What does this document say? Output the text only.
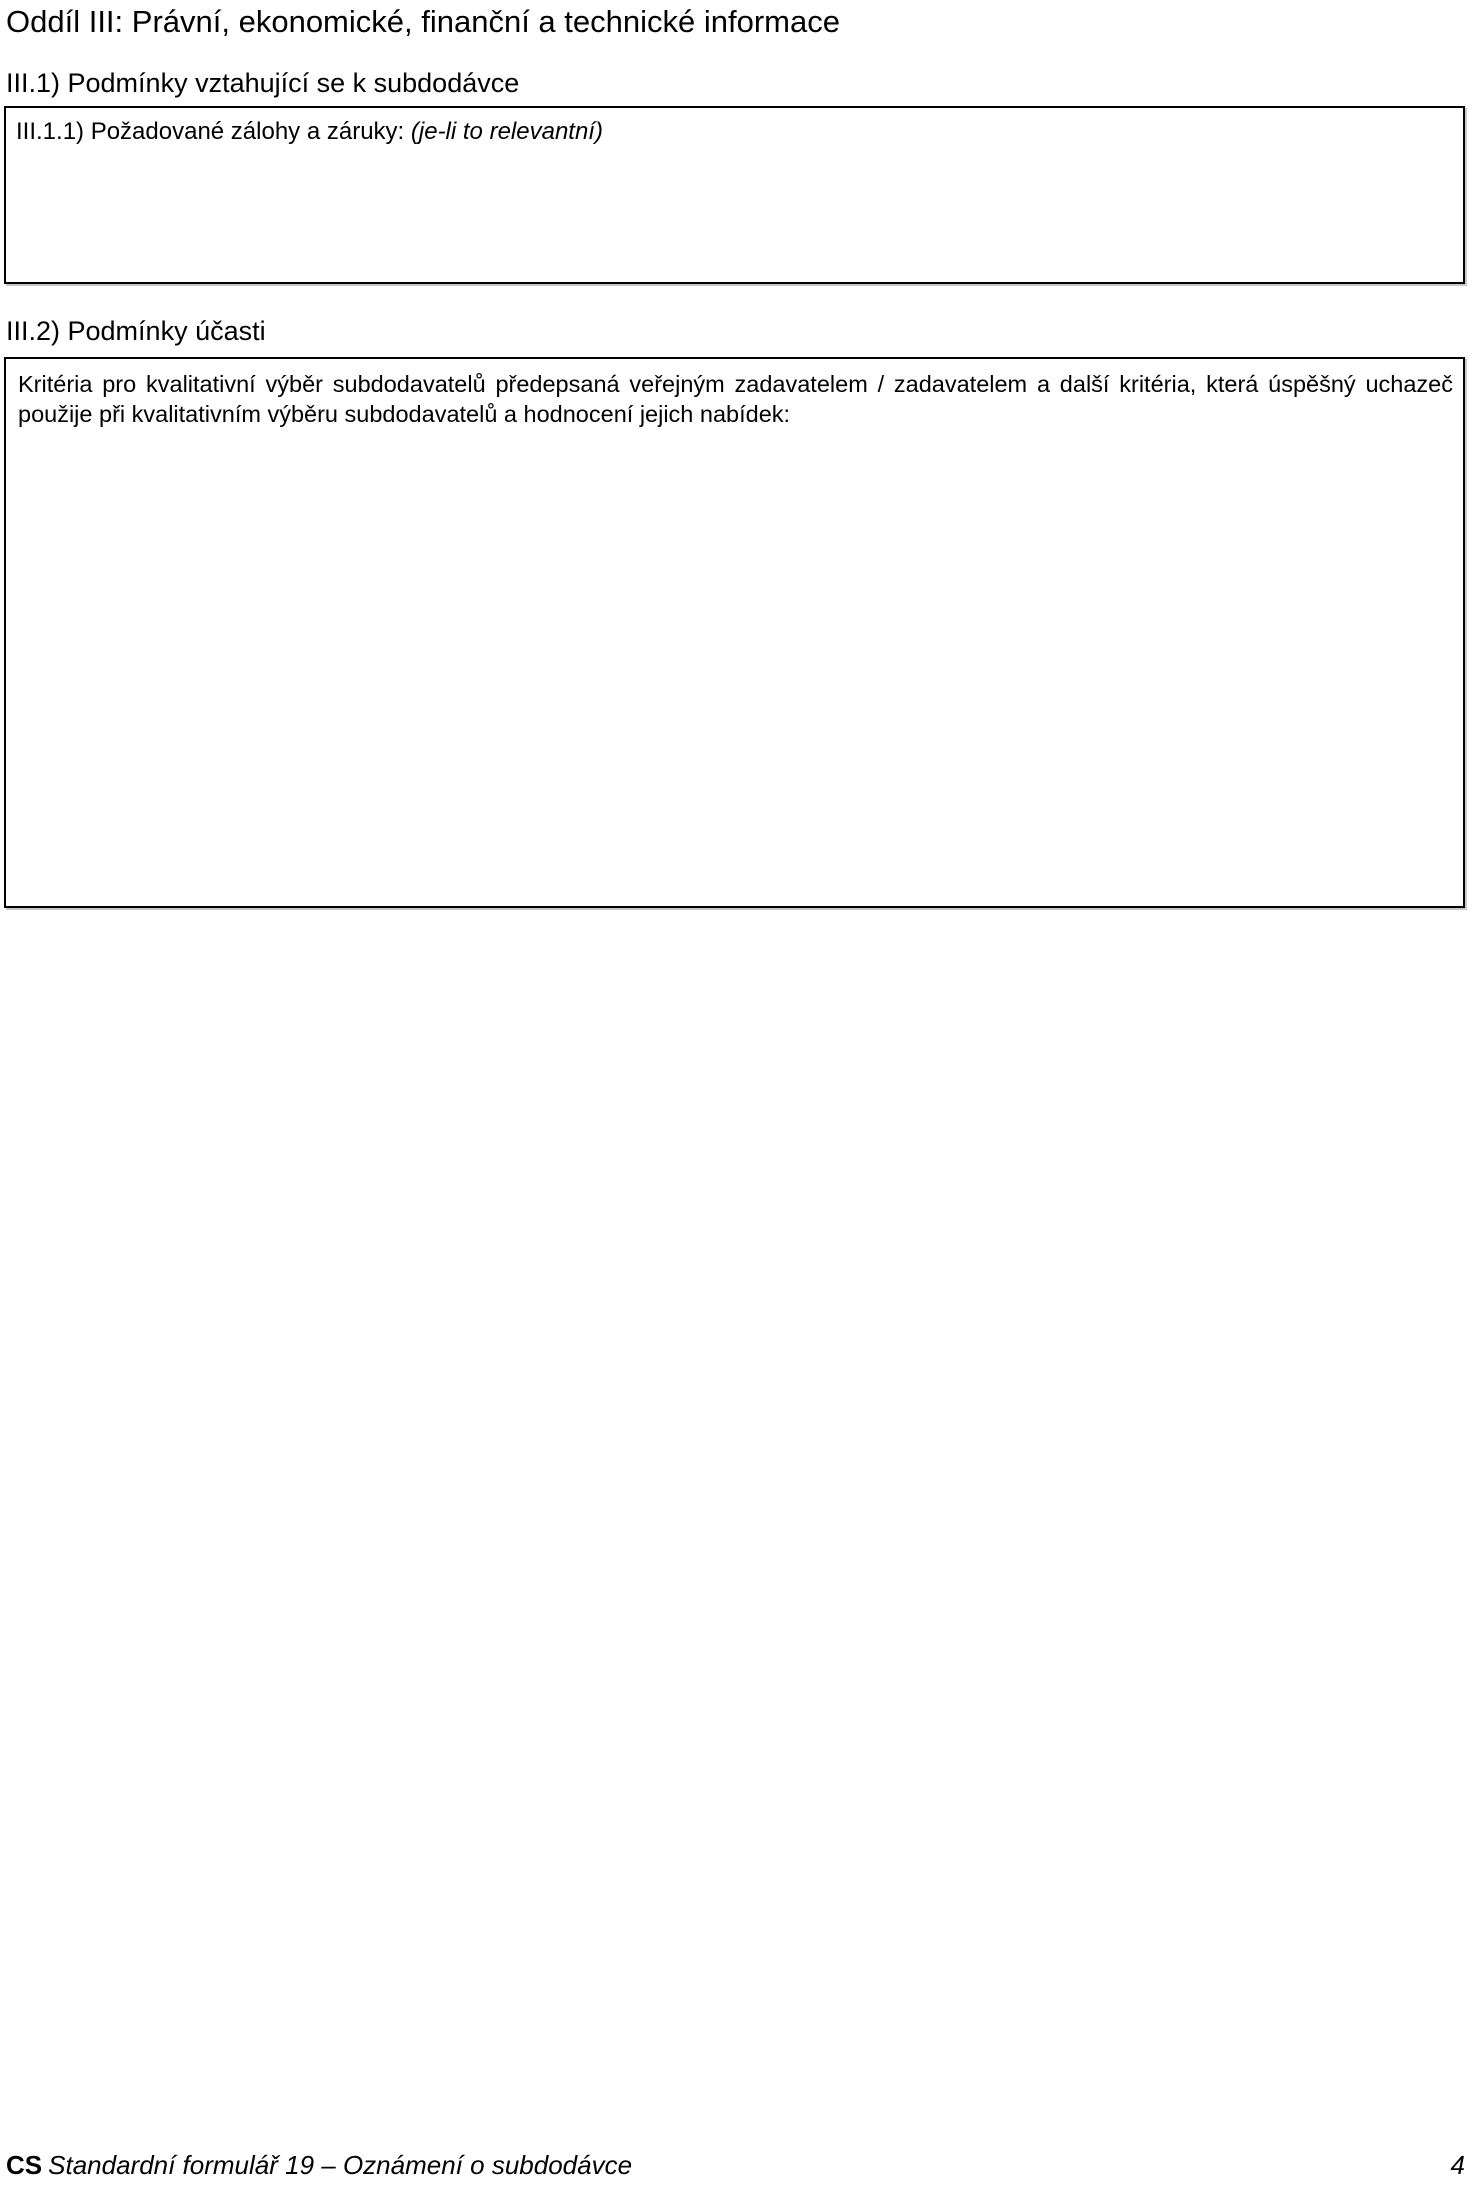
Oddíl III: Právní, ekonomické, finanční a technické informace
III.1) Podmínky vztahující se k subdodávce
III.1.1) Požadované zálohy a záruky: (je-li to relevantní)
III.2) Podmínky účasti
Kritéria pro kvalitativní výběr subdodavatelů předepsaná veřejným zadavatelem / zadavatelem a další kritéria, která úspěšný uchazeč použije při kvalitativním výběru subdodavatelů a hodnocení jejich nabídek:
CS Standardní formulář 19 – Oznámení o subdodávce	4
